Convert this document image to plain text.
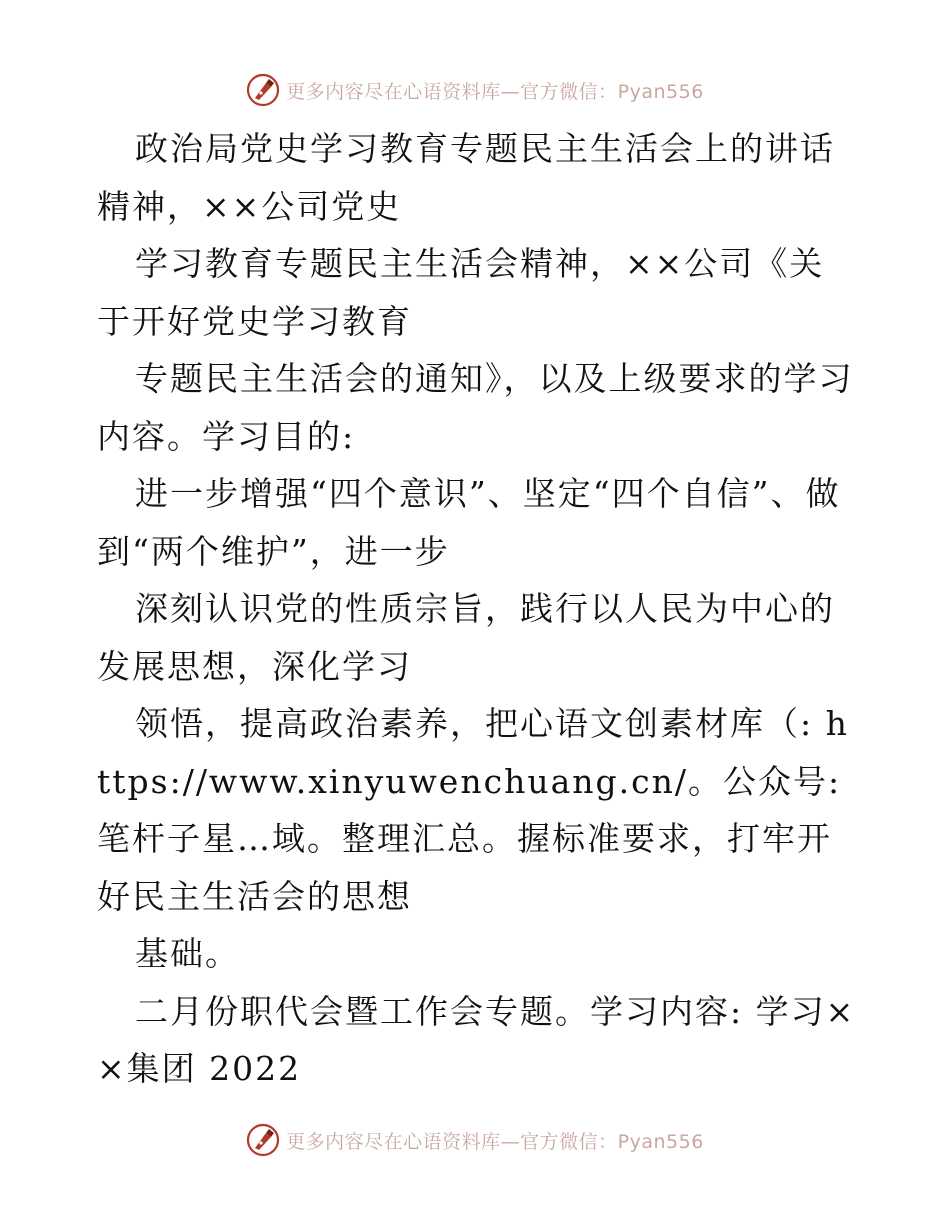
更多内容尽在心语资料库—官方微信：Pyan556

政治局党史学习教育专题民主生活会上的讲话精神，××公司党史

学习教育专题民主生活会精神，××公司《关于开好党史学习教育

专题民主生活会的通知》，以及上级要求的学习内容。学习目的:

进一步增强“四个意识”、坚定“四个自信”、做到“两个维护”，进一步

深刻认识党的性质宗旨，践行以人民为中心的发展思想，深化学习

领悟，提高政治素养，把心语文创素材库（: https://www.xinyuwenchuang.cn/。公众号: 笔杆子星…域。整理汇总。握标准要求，打牢开好民主生活会的思想

基础。

二月份职代会暨工作会专题。学习内容: 学习××集团 2022

更多内容尽在心语资料库—官方微信：Pyan556
